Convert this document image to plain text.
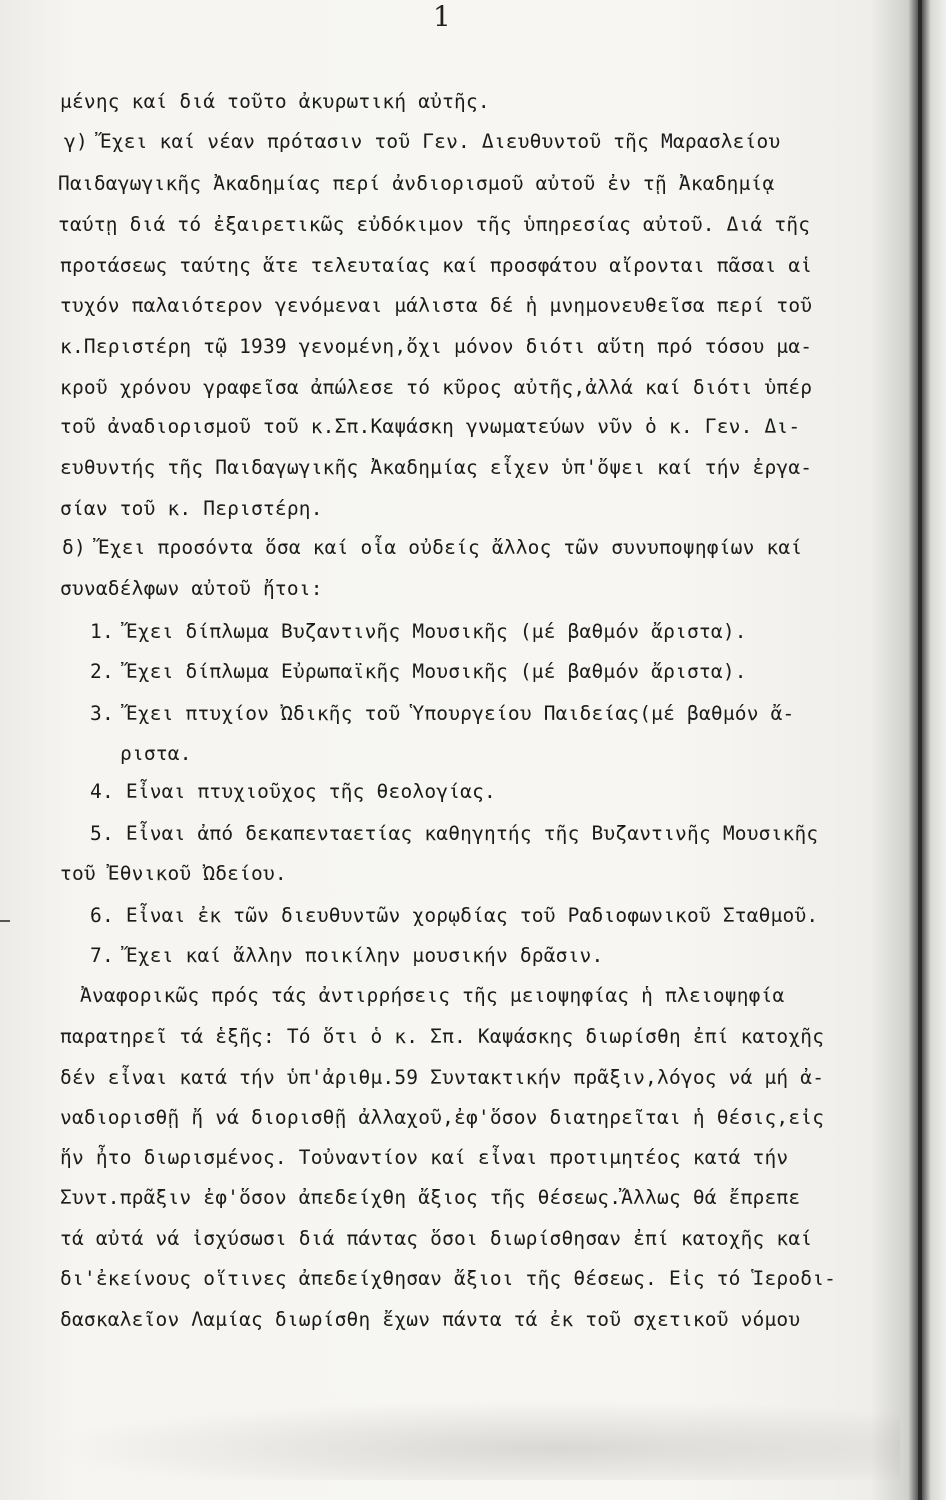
1
μένης καί διά τοῦτο ἀκυρωτική αὐτῆς.
γ) Ἔχει καί νέαν πρότασιν τοῦ Γεν. Διευθυντοῦ τῆς Μαρασλείου
Παιδαγωγικῆς Ἀκαδημίας περί ἀνδιορισμοῦ αὐτοῦ ἐν τῇ Ἀκαδημίᾳ
ταύτῃ διά τό ἐξαιρετικῶς εὐδόκιμον τῆς ὑπηρεσίας αὐτοῦ. Διά τῆς
προτάσεως ταύτης ἅτε τελευταίας καί προσφάτου αἴρονται πᾶσαι αἱ
τυχόν παλαιότερον γενόμεναι μάλιστα δέ ἡ μνημονευθεῖσα περί τοῦ
κ.Περιστέρη τῷ 1939 γενομένη,ὄχι μόνον διότι αὕτη πρό τόσου μα-
κροῦ χρόνου γραφεῖσα ἀπώλεσε τό κῦρος αὐτῆς,ἀλλά καί διότι ὑπέρ
τοῦ ἀναδιορισμοῦ τοῦ κ.Σπ.Καψάσκη γνωματεύων νῦν ὁ κ. Γεν. Δι-
ευθυντής τῆς Παιδαγωγικῆς Ἀκαδημίας εἶχεν ὑπ'ὄψει καί τήν ἐργα-
σίαν τοῦ κ. Περιστέρη.
δ) Ἔχει προσόντα ὅσα καί οἷα οὐδείς ἄλλος τῶν συνυποψηφίων καί
συναδέλφων αὐτοῦ ἤτοι:
1. Ἔχει δίπλωμα Βυζαντινῆς Μουσικῆς (μέ βαθμόν ἄριστα).
2. Ἔχει δίπλωμα Εὐρωπαϊκῆς Μουσικῆς (μέ βαθμόν ἄριστα).
3. Ἔχει πτυχίον Ὠδικῆς τοῦ Ὑπουργείου Παιδείας(μέ βαθμόν ἄ-
ριστα.
4. Εἶναι πτυχιοῦχος τῆς θεολογίας.
5. Εἶναι ἀπό δεκαπενταετίας καθηγητής τῆς Βυζαντινῆς Μουσικῆς
τοῦ Ἐθνικοῦ Ὠδείου.
6. Εἶναι ἐκ τῶν διευθυντῶν χορῳδίας τοῦ Ραδιοφωνικοῦ Σταθμοῦ.
7. Ἔχει καί ἄλλην ποικίλην μουσικήν δρᾶσιν.
Ἀναφορικῶς πρός τάς ἀντιρρήσεις τῆς μειοψηφίας ἡ πλειοψηφία
παρατηρεῖ τά ἑξῆς: Τό ὅτι ὁ κ. Σπ. Καψάσκης διωρίσθη ἐπί κατοχῆς
δέν εἶναι κατά τήν ὑπ'ἀριθμ.59 Συντακτικήν πρᾶξιν,λόγος νά μή ἀ-
ναδιορισθῇ ἤ νά διορισθῇ ἀλλαχοῦ,ἐφ'ὅσον διατηρεῖται ἡ θέσις,εἰς
ἥν ἦτο διωρισμένος. Τοὐναντίον καί εἶναι προτιμητέος κατά τήν
Συντ.πρᾶξιν ἐφ'ὅσον ἀπεδείχθη ἄξιος τῆς θέσεως.Ἄλλως θά ἔπρεπε
τά αὐτά νά ἰσχύσωσι διά πάντας ὅσοι διωρίσθησαν ἐπί κατοχῆς καί
δι'ἐκείνους οἵτινες ἀπεδείχθησαν ἄξιοι τῆς θέσεως. Εἰς τό Ἱεροδι-
δασκαλεῖον Λαμίας διωρίσθη ἔχων πάντα τά ἐκ τοῦ σχετικοῦ νόμου
